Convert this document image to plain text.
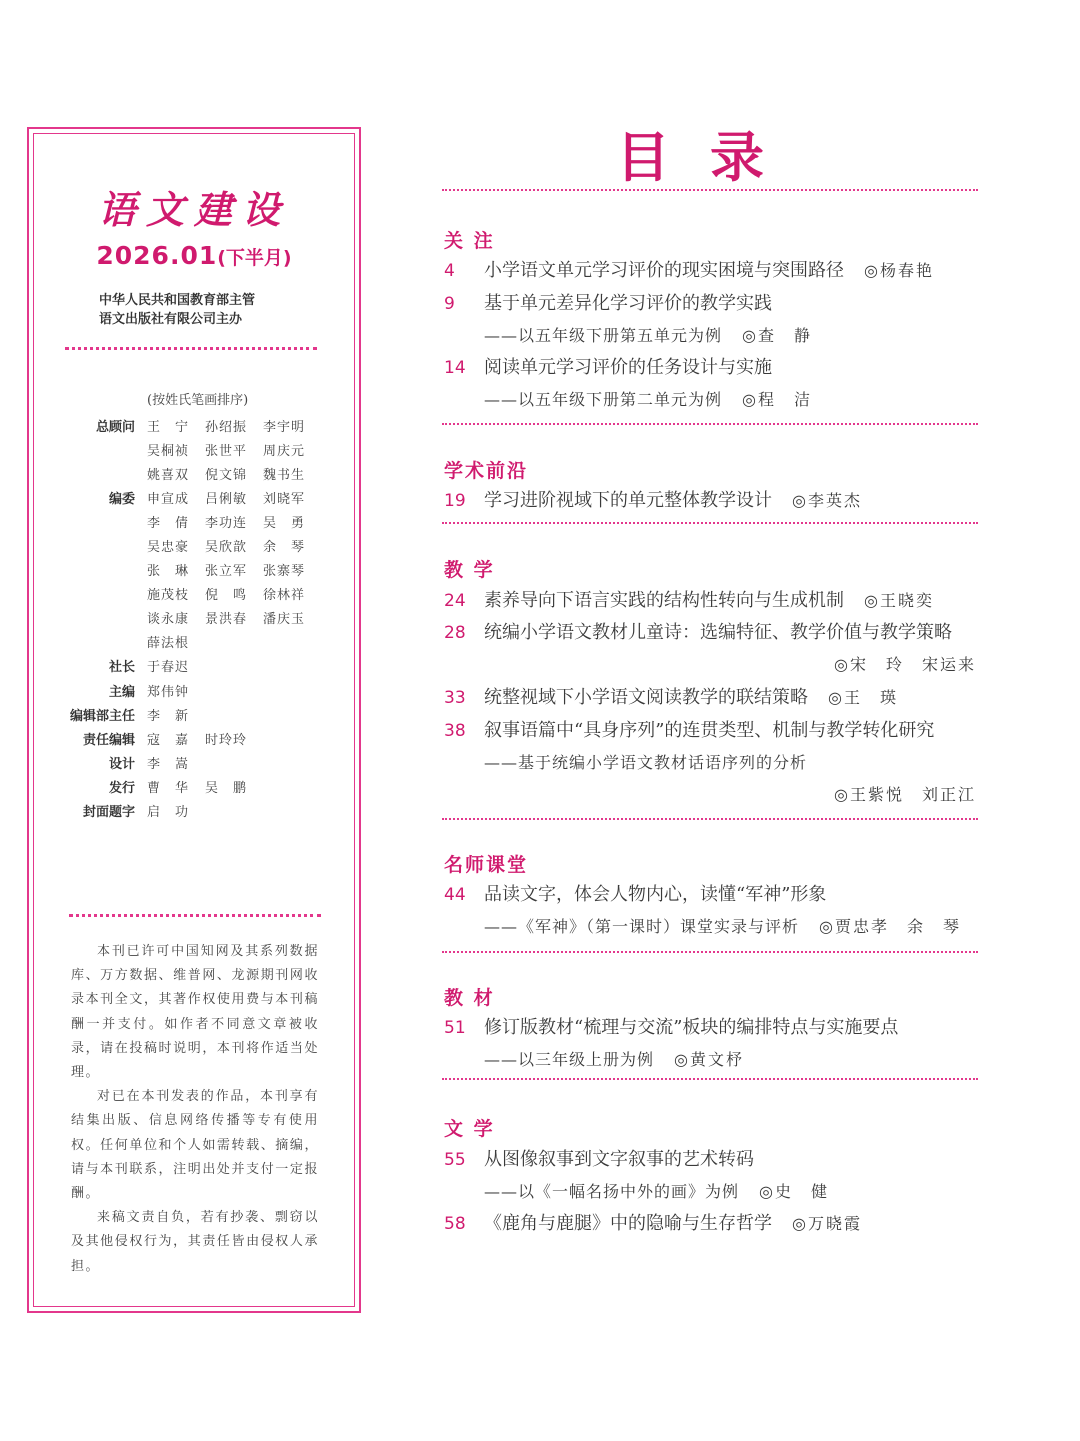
语文建设
2026.01(下半月)
中华人民共和国教育部主管
语文出版社有限公司主办
(按姓氏笔画排序)
总顾问 王　宁	孙绍振	李宇明
吴桐祯	张世平	周庆元
姚喜双	倪文锦	魏书生
编委 申宣成	吕俐敏	刘晓军
李　倩	李功连	吴　勇
吴忠豪	吴欣歆	余　琴
张　琳	张立军	张寨琴
施茂枝	倪　鸣	徐林祥
谈永康	景洪春	潘庆玉
薛法根
社长 于春迟
主编 郑伟钟
编辑部主任 李　新
责任编辑 寇　嘉	时玲玲
设计 李　嵩
发行 曹　华	吴　鹏
封面题字 启　功

本刊已许可中国知网及其系列数据库、万方数据、维普网、龙源期刊网收录本刊全文，其著作权使用费与本刊稿酬一并支付。如作者不同意文章被收录，请在投稿时说明，本刊将作适当处理。

对已在本刊发表的作品，本刊享有结集出版、信息网络传播等专有使用权。任何单位和个人如需转载、摘编，请与本刊联系，注明出处并支付一定报酬。

来稿文责自负，若有抄袭、剽窃以及其他侵权行为，其责任皆由侵权人承担。

目录
关 注
4	小学语文单元学习评价的现实困境与突围路径 ◎杨春艳
9	基于单元差异化学习评价的教学实践
——以五年级下册第五单元为例 ◎查　静
14	阅读单元学习评价的任务设计与实施
——以五年级下册第二单元为例 ◎程　洁
学术前沿
19	学习进阶视域下的单元整体教学设计 ◎李英杰
教 学
24	素养导向下语言实践的结构性转向与生成机制 ◎王晓奕
28	统编小学语文教材儿童诗：选编特征、教学价值与教学策略
◎宋　玲　宋运来
33	统整视域下小学语文阅读教学的联结策略 ◎王　瑛
38	叙事语篇中“具身序列”的连贯类型、机制与教学转化研究
——基于统编小学语文教材话语序列的分析
◎王紫悦　刘正江
名师课堂
44	品读文字，体会人物内心，读懂“军神”形象
——《军神》（第一课时）课堂实录与评析 ◎贾忠孝　余　琴
教 材
51	修订版教材“梳理与交流”板块的编排特点与实施要点
——以三年级上册为例 ◎黄文杼
文 学
55	从图像叙事到文字叙事的艺术转码
——以《一幅名扬中外的画》为例 ◎史　健
58	《鹿角与鹿腿》中的隐喻与生存哲学 ◎万晓霞
